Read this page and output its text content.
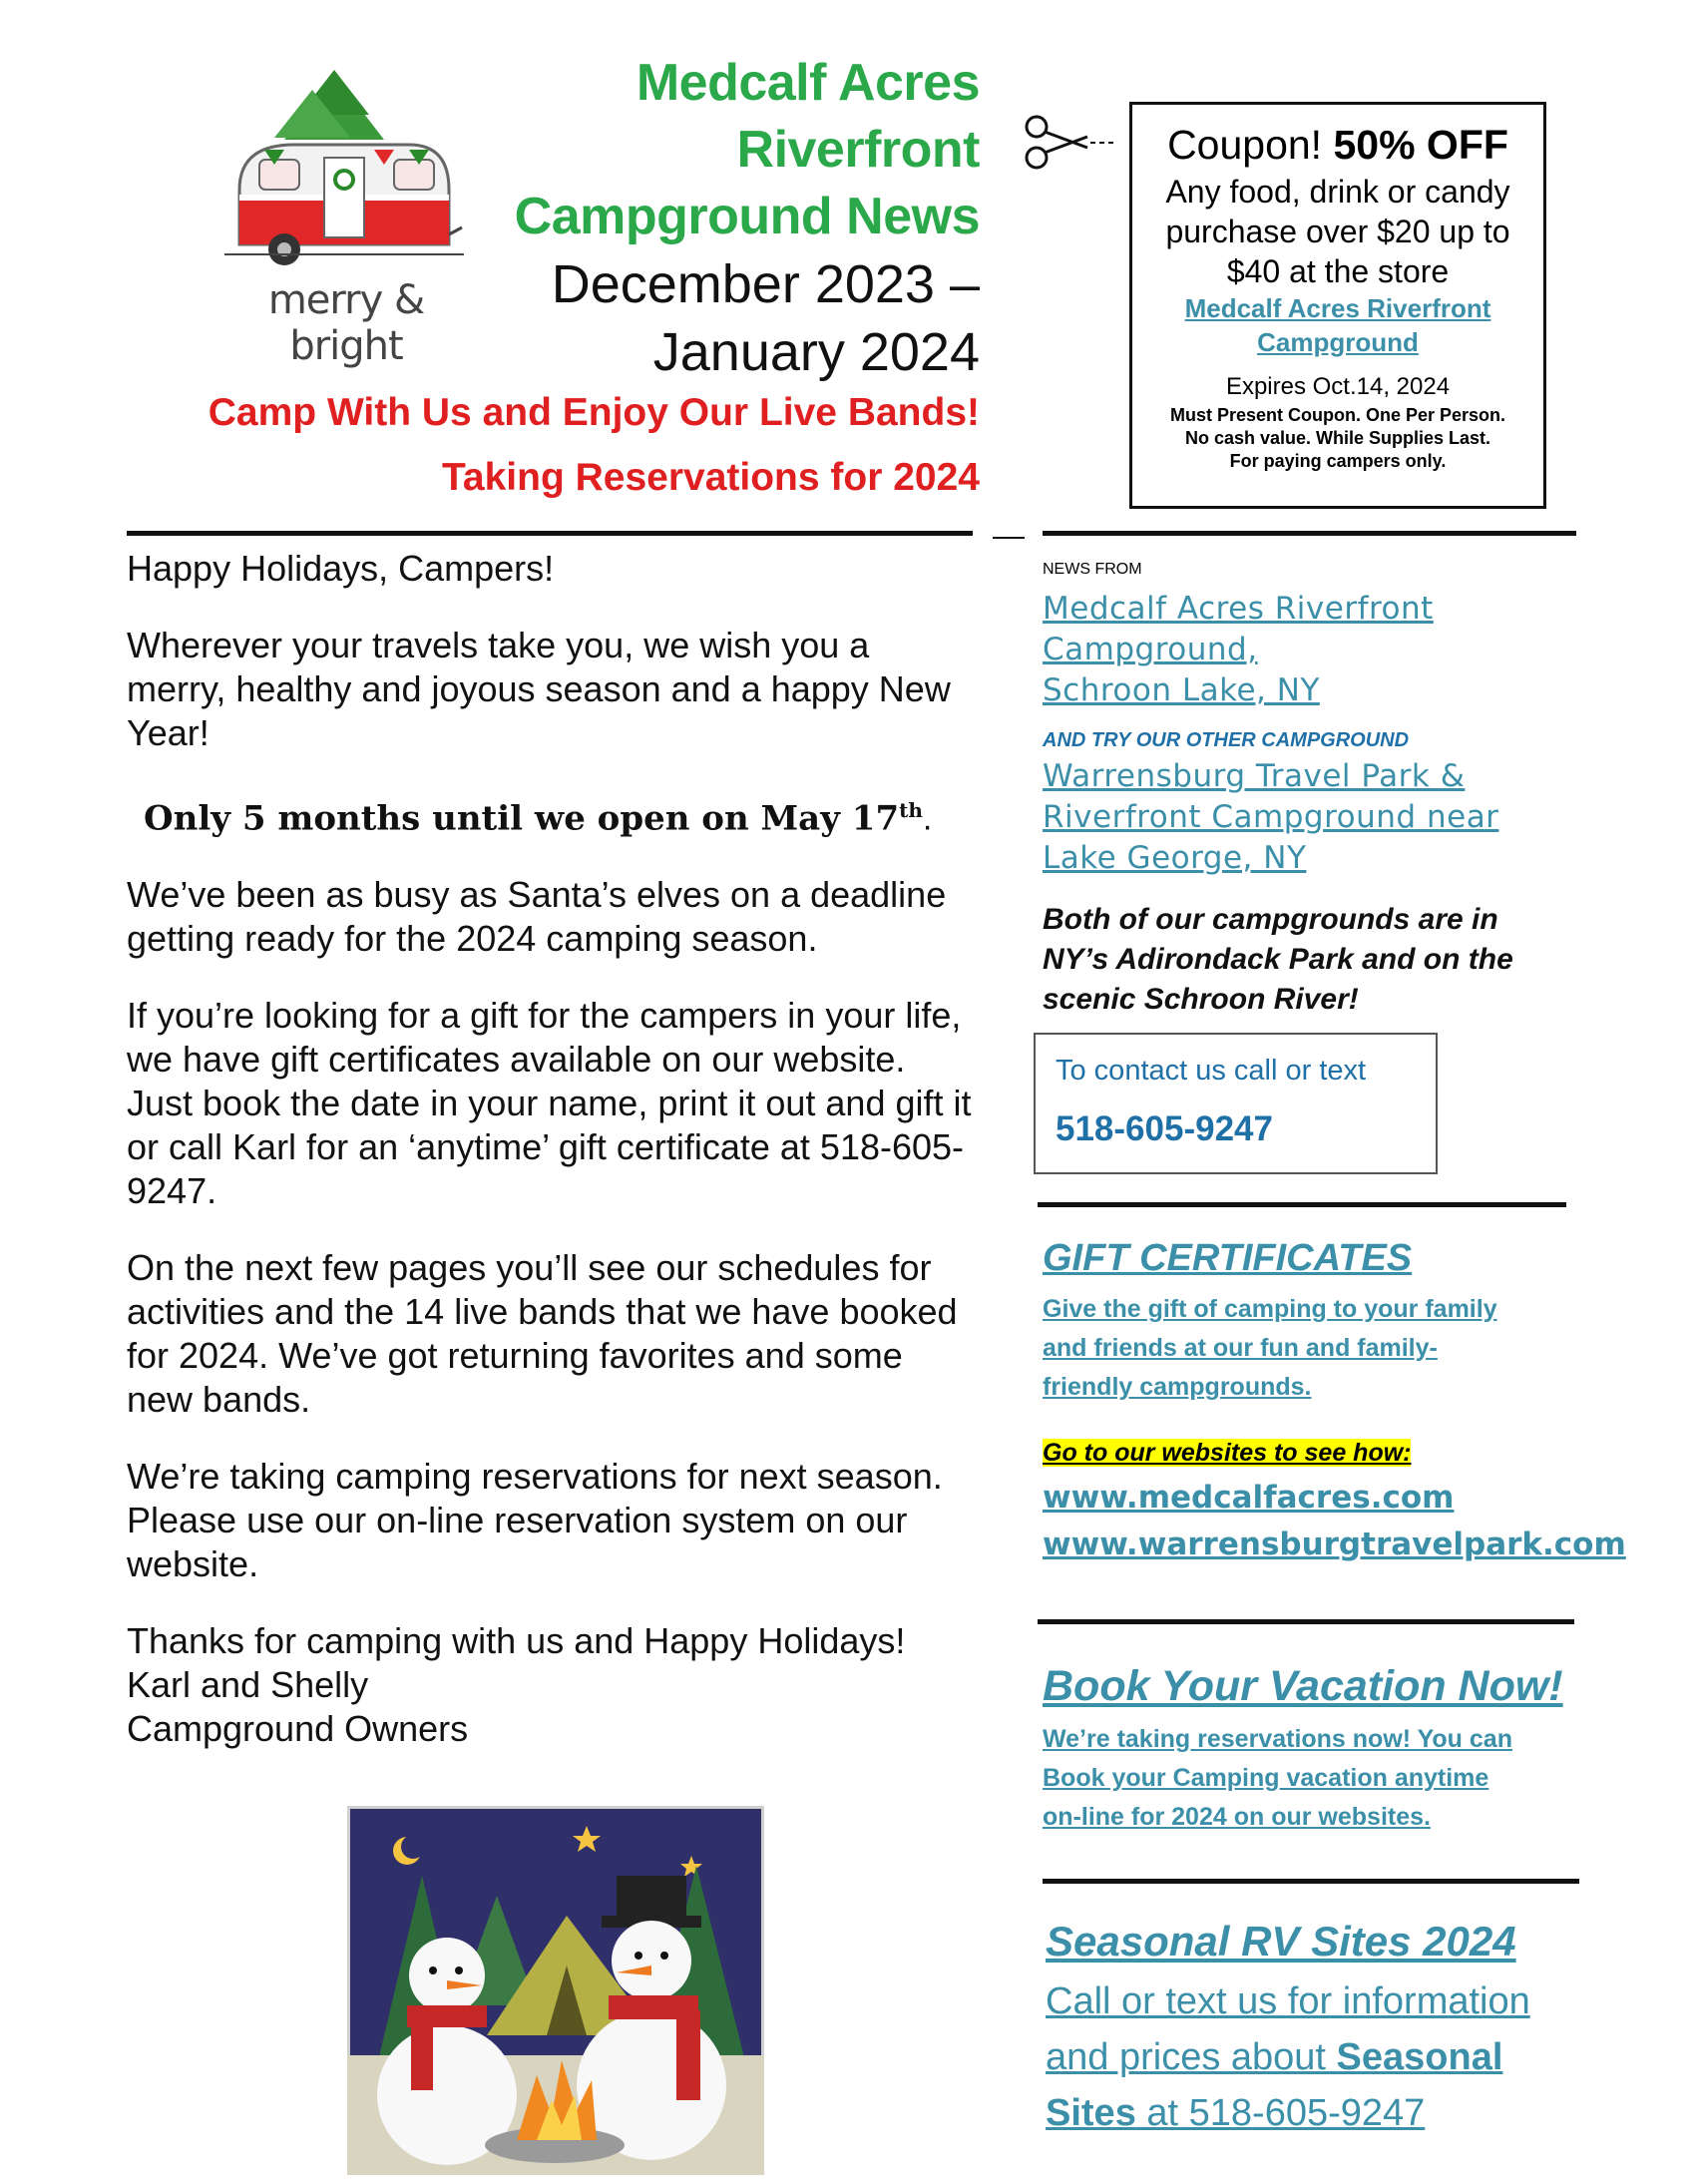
merry & bright
Medcalf Acres
Riverfront
Campground News
December 2023 –
January 2024
Camp With Us and Enjoy Our Live Bands!
Taking Reservations for 2024
Coupon! 50% OFF
Any food, drink or candy
purchase over $20 up to
$40 at the store
Medcalf Acres Riverfront
Campground
Expires Oct.14, 2024
Must Present Coupon. One Per Person.
No cash value. While Supplies Last.
For paying campers only.

Happy Holidays, Campers!

Wherever your travels take you, we wish you a merry, healthy and joyous season and a happy New Year!

Only 5 months until we open on May 17th.

We’ve been as busy as Santa’s elves on a deadline getting ready for the 2024 camping season.

If you’re looking for a gift for the campers in your life, we have gift certificates available on our website. Just book the date in your name, print it out and gift it or call Karl for an ‘anytime’ gift certificate at 518-605-9247.

On the next few pages you’ll see our schedules for activities and the 14 live bands that we have booked for 2024. We’ve got returning favorites and some new bands.

We’re taking camping reservations for next season. Please use our on-line reservation system on our website.

Thanks for camping with us and Happy Holidays!
Karl and Shelly
Campground Owners
NEWS FROM
Medcalf Acres Riverfront
Campground,
Schroon Lake, NY
AND TRY OUR OTHER CAMPGROUND
Warrensburg Travel Park &
Riverfront Campground near
Lake George, NY
Both of our campgrounds are in
NY’s Adirondack Park and on the
scenic Schroon River!
To contact us call or text
518-605-9247
GIFT CERTIFICATES
Give the gift of camping to your family
and friends at our fun and family-
friendly campgrounds.
Go to our websites to see how:
www.medcalfacres.com
www.warrensburgtravelpark.com
Book Your Vacation Now!
We’re taking reservations now! You can
Book your Camping vacation anytime
on-line for 2024 on our websites.
Seasonal RV Sites 2024
Call or text us for information
and prices about Seasonal
Sites at 518-605-9247
